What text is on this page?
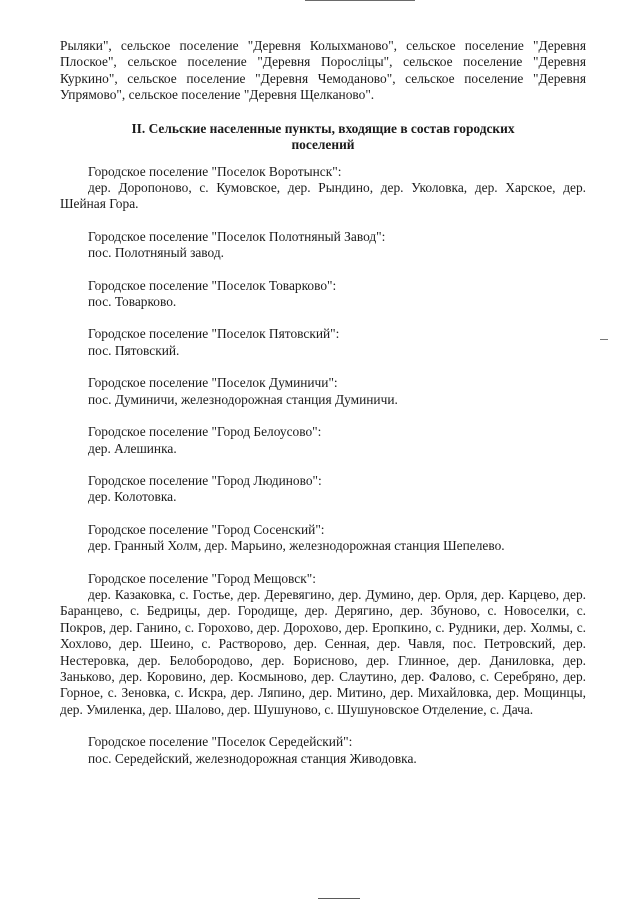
Рыляки", сельское поселение "Деревня Колыхманово", сельское поселение "Деревня Плоское", сельское поселение "Деревня Поросліцы", сельское поселение "Деревня Куркино", сельское поселение "Деревня Чемоданово", сельское поселение "Деревня Упрямово", сельское поселение "Деревня Щелканово".

II. Сельские населенные пункты, входящие в состав городских поселений

Городское поселение "Поселок Воротынск":

дер. Доропоново, с. Кумовское, дер. Рындино, дер. Уколовка, дер. Харское, дер. Шейная Гора.

Городское поселение "Поселок Полотняный Завод":

пос. Полотняный завод.

Городское поселение "Поселок Товарково":

пос. Товарково.

Городское поселение "Поселок Пятовский":

пос. Пятовский.

Городское поселение "Поселок Думиничи":

пос. Думиничи, железнодорожная станция Думиничи.

Городское поселение "Город Белоусово":

дер. Алешинка.

Городское поселение "Город Людиново":

дер. Колотовка.

Городское поселение "Город Сосенский":

дер. Гранный Холм, дер. Марьино, железнодорожная станция Шепелево.

Городское поселение "Город Мещовск":

дер. Казаковка, с. Гостье, дер. Деревягино, дер. Думино, дер. Орля, дер. Карцево, дер. Баранцево, с. Бедрицы, дер. Городище, дер. Дерягино, дер. Збуново, с. Новоселки, с. Покров, дер. Ганино, с. Горохово, дер. Дорохово, дер. Еропкино, с. Рудники, дер. Холмы, с. Хохлово, дер. Шеино, с. Растворово, дер. Сенная, дер. Чавля, пос. Петровский, дер. Нестеровка, дер. Белобородово, дер. Борисново, дер. Глинное, дер. Даниловка, дер. Заньково, дер. Коровино, дер. Космыново, дер. Слаутино, дер. Фалово, с. Серебряно, дер. Горное, с. Зеновка, с. Искра, дер. Ляпино, дер. Митино, дер. Михайловка, дер. Мощинцы, дер. Умиленка, дер. Шалово, дер. Шушуново, с. Шушуновское Отделение, с. Дача.

Городское поселение "Поселок Середейский":

пос. Середейский, железнодорожная станция Живодовка.
